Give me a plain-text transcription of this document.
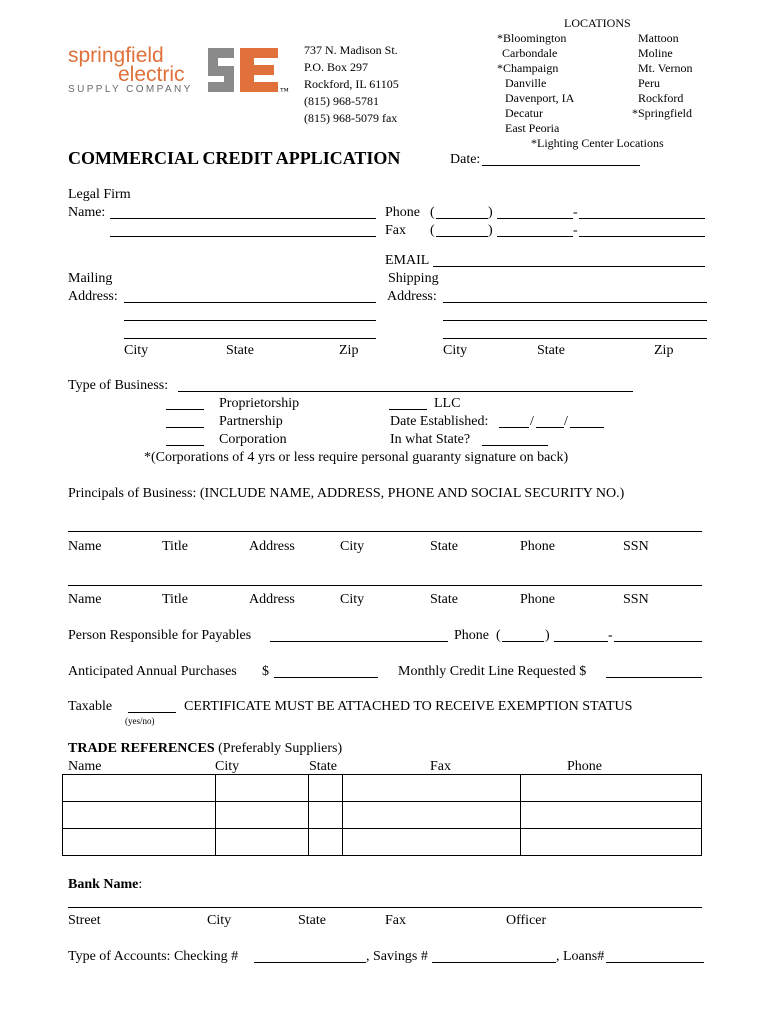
springfield
electric
SUPPLY COMPANY	™
737 N. Madison St.
P.O. Box 297
Rockford, IL 61105
(815) 968-5781
(815) 968-5079 fax
LOCATIONS
*Bloomington
Carbondale
*Champaign
Danville
Davenport, IA
Decatur
East Peoria
Mattoon
Moline
Mt. Vernon
Peru
Rockford
*Springfield
*Lighting Center Locations
COMMERCIAL CREDIT APPLICATION	Date:
Legal Firm
Name:	Phone (	)	-
Fax (	)	-
EMAIL
Mailing
Address:
City	State	Zip
Shipping
Address:
City	State	Zip
Type of Business:
Proprietorship
Partnership
Corporation
LLC
Date Established:	/ /
In what State?
*(Corporations of 4 yrs or less require personal guaranty signature on back)
Principals of Business: (INCLUDE NAME, ADDRESS, PHONE AND SOCIAL SECURITY NO.)
Name	Title	Address	City	State	Phone	SSN
Name	Title	Address	City	State	Phone	SSN
Person Responsible for Payables	Phone (	)	-
Anticipated Annual Purchases $	Monthly Credit Line Requested $
Taxable
(yes/no)
CERTIFICATE MUST BE ATTACHED TO RECEIVE EXEMPTION STATUS
TRADE REFERENCES (Preferably Suppliers)
Name	City	State	Fax	Phone

Bank Name:
Street	City	State	Fax	Officer
Type of Accounts: Checking #	, Savings #	, Loans#
